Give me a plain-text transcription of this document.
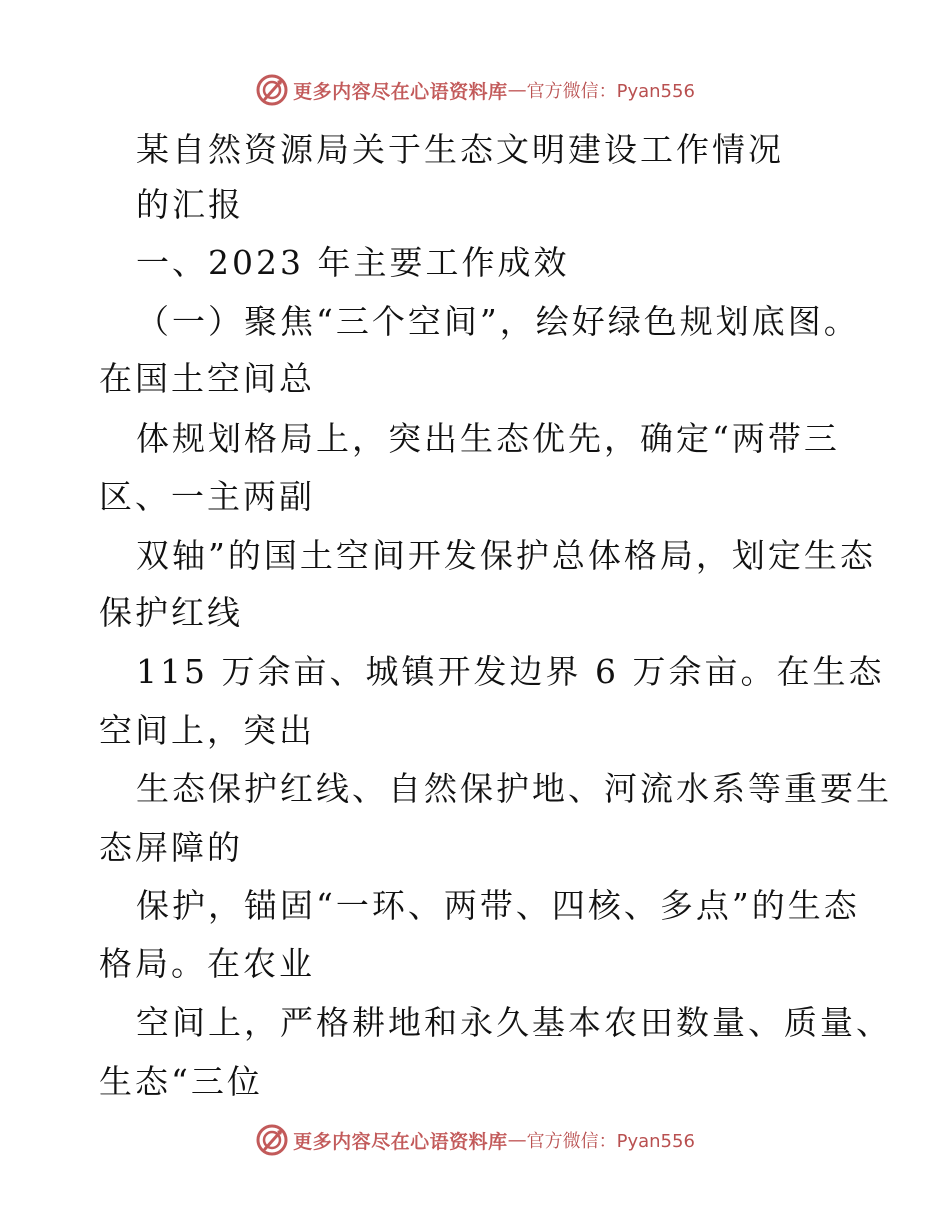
更多内容尽在心语资料库 — 官方微信：Pyan556
某自然资源局关于生态文明建设工作情况
的汇报
一、2023 年主要工作成效
（一）聚焦“三个空间”，绘好绿色规划底图。
在国土空间总
体规划格局上，突出生态优先，确定“两带三
区、一主两副
双轴”的国土空间开发保护总体格局，划定生态
保护红线
115 万余亩、城镇开发边界 6 万余亩。在生态
空间上，突出
生态保护红线、自然保护地、河流水系等重要生
态屏障的
保护，锚固“一环、两带、四核、多点”的生态
格局。在农业
空间上，严格耕地和永久基本农田数量、质量、
生态“三位
更多内容尽在心语资料库 — 官方微信：Pyan556
